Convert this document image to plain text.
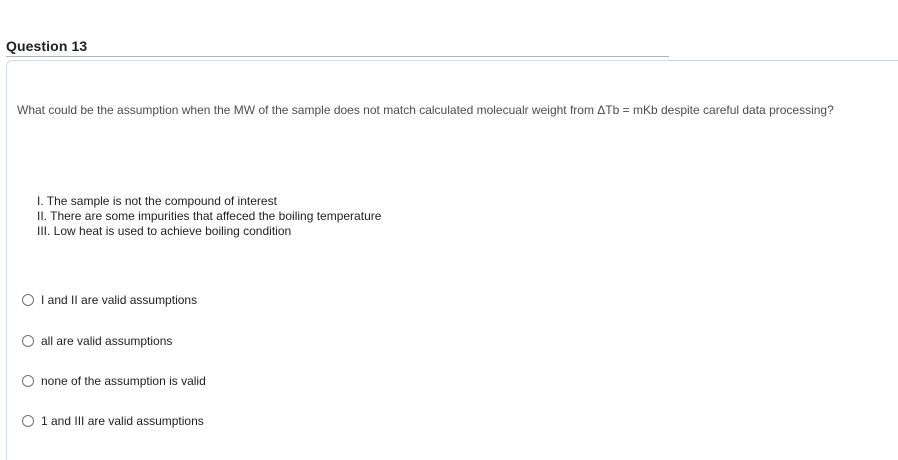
Question 13
What could be the assumption when the MW of the sample does not match calculated molecualr weight from ΔTb = mKb despite careful data processing?
I. The sample is not the compound of interest
II. There are some impurities that affeced the boiling temperature
III. Low heat is used to achieve boiling condition
I and II are valid assumptions
all are valid assumptions
none of the assumption is valid
1 and III are valid assumptions
